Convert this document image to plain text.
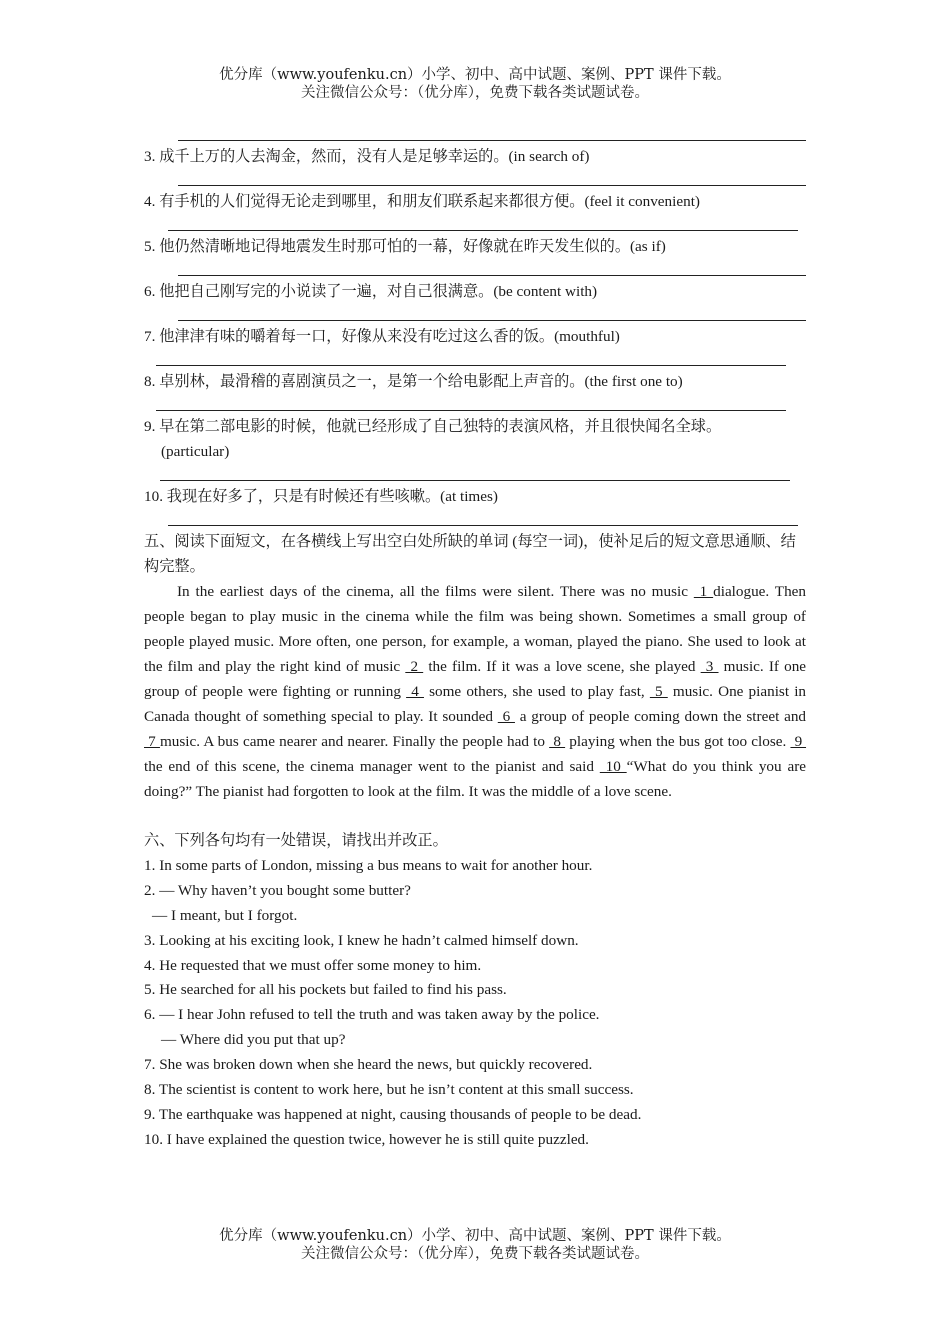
优分库（www.youfenku.cn）小学、初中、高中试题、案例、PPT 课件下载。
关注微信公众号：（优分库），免费下载各类试题试卷。
3. 成千上万的人去淘金，然而，没有人是足够幸运的。(in search of)
4. 有手机的人们觉得无论走到哪里，和朋友们联系起来都很方便。(feel it convenient)
5. 他仍然清晰地记得地震发生时那可怕的一幕，好像就在昨天发生似的。(as if)
6. 他把自己刚写完的小说读了一遍，对自己很满意。(be content with)
7. 他津津有味的嚼着每一口，好像从来没有吃过这么香的饭。(mouthful)
8. 卓别林，最滑稽的喜剧演员之一，是第一个给电影配上声音的。(the first one to)
9. 早在第二部电影的时候，他就已经形成了自己独特的表演风格，并且很快闻名全球。
(particular)
10. 我现在好多了，只是有时候还有些咳嗽。(at times)
五、阅读下面短文，在各横线上写出空白处所缺的单词 (每空一词)，使补足后的短文意思通顺、结构完整。
In the earliest days of the cinema, all the films were silent. There was no music  1 dialogue. Then people began to play music in the cinema while the film was being shown. Sometimes a small group of people played music. More often, one person, for example, a woman, played the piano. She used to look at the film and play the right kind of music  2  the film. If it was a love scene, she played  3  music. If one group of people were fighting or running  4  some others, she used to play fast,  5  music. One pianist in Canada thought of something special to play. It sounded  6  a group of people coming down the street and  7 music. A bus came nearer and nearer. Finally the people had to  8  playing when the bus got too close.  9  the end of this scene, the cinema manager went to the pianist and said  10 “What do you think you are doing?” The pianist had forgotten to look at the film. It was the middle of a love scene.
六、下列各句均有一处错误，请找出并改正。
1. In some parts of London, missing a bus means to wait for another hour.
2. — Why haven’t you bought some butter?
— I meant, but I forgot.
3. Looking at his exciting look, I knew he hadn’t calmed himself down.
4. He requested that we must offer some money to him.
5. He searched for all his pockets but failed to find his pass.
6. — I hear John refused to tell the truth and was taken away by the police.
— Where did you put that up?
7. She was broken down when she heard the news, but quickly recovered.
8. The scientist is content to work here, but he isn’t content at this small success.
9. The earthquake was happened at night, causing thousands of people to be dead.
10. I have explained the question twice, however he is still quite puzzled.
优分库（www.youfenku.cn）小学、初中、高中试题、案例、PPT 课件下载。
关注微信公众号：（优分库），免费下载各类试题试卷。
